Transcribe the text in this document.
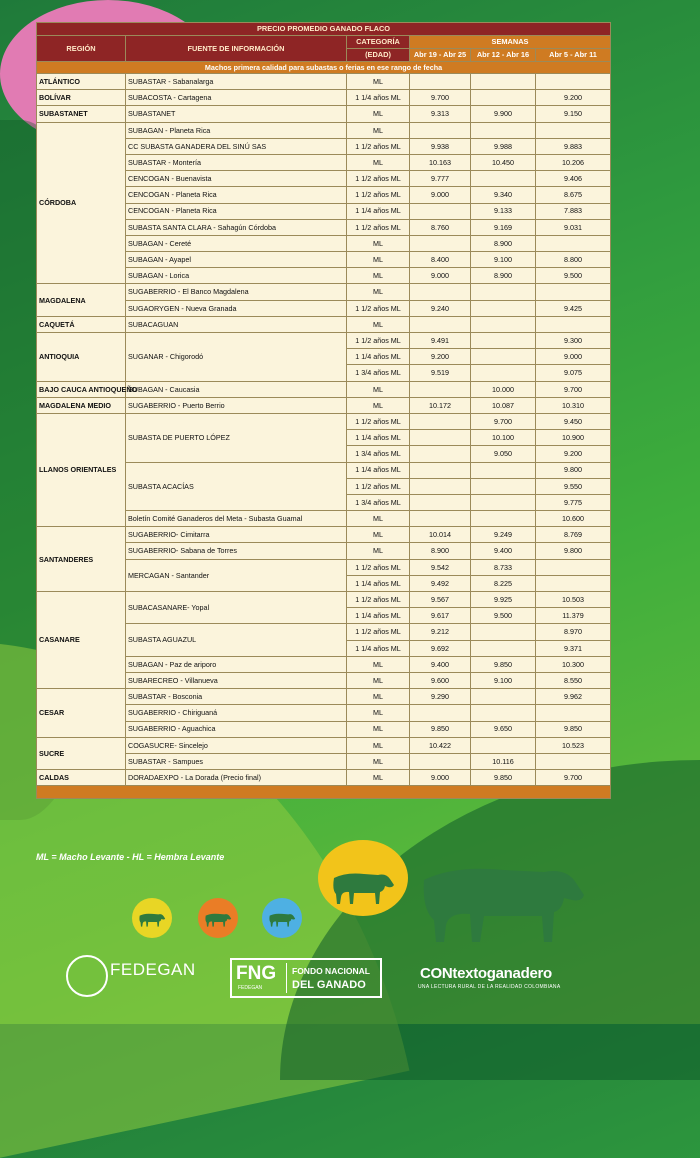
PRECIO PROMEDIO GANADO FLACO					
REGIÓN	FUENTE DE INFORMACIÓN	CATEGORÍA	SEMANAS		
		(EDAD)	Abr 19 - Abr 25	Abr 12 - Abr 16	Abr 5 - Abr 11
Machos primera calidad para subastas o ferias en ese rango de fecha					
ATLÁNTICO	SUBASTAR - Sabanalarga	ML			
BOLÍVAR	SUBACOSTA - Cartagena	1 1/4 años ML	9.700		9.200
SUBASTANET	SUBASTANET	ML	9.313	9.900	9.150
CÓRDOBA	SUBAGAN - Planeta Rica	ML			
	CC SUBASTA GANADERA DEL SINÚ SAS	1 1/2 años ML	9.938	9.988	9.883
	SUBASTAR - Montería	ML	10.163	10.450	10.206
	CENCOGAN - Buenavista	1 1/2 años ML	9.777		9.406
	CENCOGAN - Planeta Rica	1 1/2 años ML	9.000	9.340	8.675
	CENCOGAN - Planeta Rica	1 1/4 años ML		9.133	7.883
	SUBASTA SANTA CLARA - Sahagún Córdoba	1 1/2 años ML	8.760	9.169	9.031
	SUBAGAN - Cereté	ML		8.900	
	SUBAGAN - Ayapel	ML	8.400	9.100	8.800
	SUBAGAN - Lorica	ML	9.000	8.900	9.500
MAGDALENA	SUGABERRIO - El Banco Magdalena	ML			
	SUGAORYGEN - Nueva Granada	1 1/2 años ML	9.240		9.425
CAQUETÁ	SUBACAGUAN	ML			
ANTIOQUIA	SUGANAR - Chigorodó	1 1/2 años ML	9.491		9.300
		1 1/4 años ML	9.200		9.000
		1 3/4 años ML	9.519		9.075
BAJO CAUCA ANTIOQUEÑO	SUBAGAN - Caucasia	ML		10.000	9.700
MAGDALENA MEDIO	SUGABERRIO - Puerto Berrio	ML	10.172	10.087	10.310
LLANOS ORIENTALES	SUBASTA DE PUERTO LÓPEZ	1 1/2 años ML		9.700	9.450
		1 1/4 años ML		10.100	10.900
		1 3/4 años ML		9.050	9.200
	SUBASTA ACACÍAS	1 1/4 años ML			9.800
		1 1/2 años ML			9.550
		1 3/4 años ML			9.775
	Boletín Comité Ganaderos del Meta - Subasta Guamal	ML			10.600
SANTANDERES	SUGABERRIO- Cimitarra	ML	10.014	9.249	8.769
	SUGABERRIO- Sabana de Torres	ML	8.900	9.400	9.800
	MERCAGAN - Santander	1 1/2 años ML	9.542	8.733	
		1 1/4 años ML	9.492	8.225	
CASANARE	SUBACASANARE- Yopal	1 1/2 años ML	9.567	9.925	10.503
		1 1/4 años ML	9.617	9.500	11.379
	SUBASTA AGUAZUL	1 1/2 años ML	9.212		8.970
		1 1/4 años ML	9.692		9.371
	SUBAGAN - Paz de ariporo	ML	9.400	9.850	10.300
	SUBARECREO - Villanueva	ML	9.600	9.100	8.550
CESAR	SUBASTAR - Bosconia	ML	9.290		9.962
	SUGABERRIO - Chiriguaná	ML			
	SUGABERRIO - Aguachica	ML	9.850	9.650	9.850
SUCRE	COGASUCRE- Sincelejo	ML	10.422		10.523
	SUBASTAR - Sampues	ML		10.116	
CALDAS	DORADAEXPO - La Dorada (Precio final)	ML	9.000	9.850	9.700

ML = Macho Levante - HL = Hembra Levante
FEDEGAN FNG
FEDEGAN
FONDO NACIONAL
DEL GANADO
CONtextoganadero
UNA LECTURA RURAL DE LA REALIDAD COLOMBIANA
